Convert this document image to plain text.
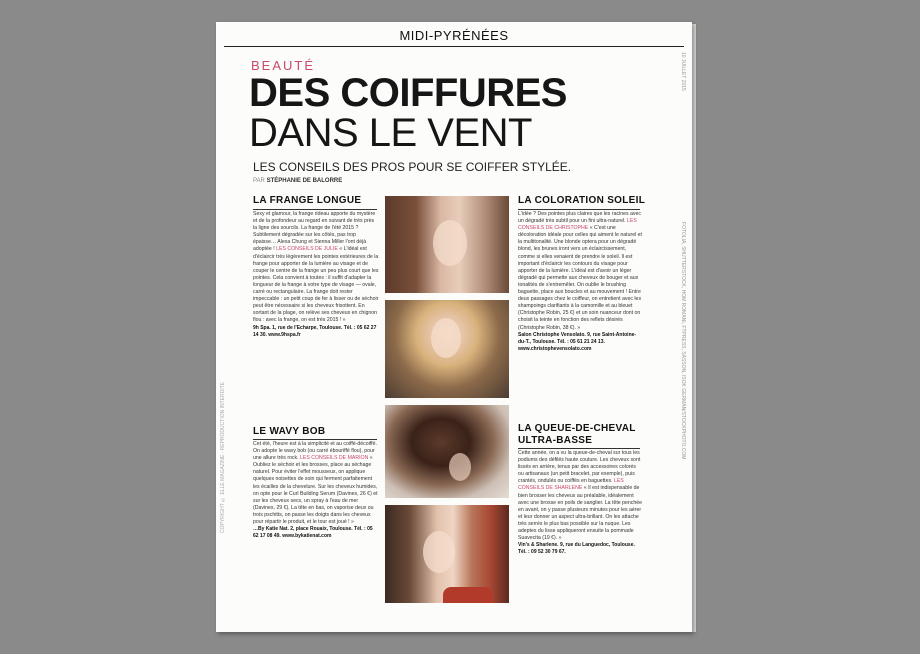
MIDI-PYRÉNÉES
10 JUILLET 2015
FOTOLIA, SHUTTERSTOCK, HOM ROMANI, FTPRESS, SASSON, ISOK GERMAN/STOCKPHOTO.COM
COPYRIGHT © ELLE MAGAZINE - REPRODUCTION INTERDITE
BEAUTÉ
DES COIFFURES
DANS LE VENT
LES CONSEILS DES PROS POUR SE COIFFER STYLÉE.
PAR STÉPHANIE DE BALORRE
LA FRANGE LONGUE
Sexy et glamour, la frange rideau apporte du mystère et de la profondeur au regard en suivant de très près la ligne des sourcils. La frange de l'été 2015 ? Subtilement dégradée sur les côtés, pas trop épaisse… Alexa Chung et Sienna Miller l'ont déjà adoptée ! LES CONSEILS DE JULIE « L'idéal est d'éclaircir très légèrement les pointes extérieures de la frange pour apporter de la lumière au visage et de couper le centre de la frange un peu plus court que les pointes. Cela convient à toutes : il suffit d'adapter la longueur de la frange à votre type de visage — ovale, carré ou rectangulaire. La frange doit rester impeccable : un petit coup de fer à lisser ou de séchoir peut être nécessaire si les cheveux frisottent. En sortant de la plage, on relève ses cheveux en chignon flou : avec la frange, on est très 2015 ! »
9h Spa. 1, rue de l'Echarpe, Toulouse. Tél. : 05 62 27 14 30. www.9hspa.fr
LE WAVY BOB
Cet été, l'heure est à la simplicité et au coiffé-décoiffé. On adopte le wavy bob (ou carré ébouriffé flou), pour une allure très rock. LES CONSEILS DE MARION « Oubliez le séchoir et les brosses, place au séchage naturel. Pour éviter l'effet mousseux, on applique quelques noisettes de soin qui ferment parfaitement les écailles de la chevelure. Sur les cheveux humides, on opte pour le Curl Building Serum (Davines, 26 €) et sur les cheveux secs, un spray à l'eau de mer (Davines, 29 €). La tête en bas, on vaporise deux ou trois pschitts, on passe les doigts dans les cheveux pour répartir le produit, et le tour est joué ! »
…By Katie Nat. 2, place Rouaix, Toulouse. Tél. : 05 62 17 08 49. www.bykatienat.com
LA COLORATION SOLEIL
L'idée ? Des pointes plus claires que les racines avec un dégradé très subtil pour un fini ultra-naturel. LES CONSEILS DE CHRISTOPHE « C'est une décoloration idéale pour celles qui aiment le naturel et la multitonalité. Une blonde optera pour un dégradé blond, les brunes iront vers un éclaircissement, comme si elles venaient de prendre le soleil. Il est important d'éclaircir les contours du visage pour apporter de la lumière. L'idéal est d'avoir un léger dégradé qui permette aux cheveux de bouger et aux tonalités de s'entremêler. On oublie le brushing baguette, place aux boucles et au mouvement ! Entre deux passages chez le coiffeur, on entretient avec les shampoings clarifiants à la camomille et au bleuet (Christophe Robin, 25 €) et un soin nuanceur dont on choisit la teinte en fonction des reflets désirés (Christophe Robin, 38 €). »
Salon Christophe Vensolato. 9, rue Saint-Antoine-du-T., Toulouse. Tél. : 05 61 21 24 13. www.christophevensolato.com
LA QUEUE-DE-CHEVAL
ULTRA-BASSE
Cette année, on a vu la queue-de-cheval sur tous les podiums des défilés haute couture. Les cheveux sont lissés en arrière, tenus par des accessoires colorés ou artisanaux (un petit bracelet, par exemple), puis crantés, ondulés ou coiffés en baguettes. LES CONSEILS DE SHARLENE « Il est indispensable de bien brosser les cheveux au préalable, idéalement avec une brosse en poils de sanglier. La tête penchée en avant, on y passe plusieurs minutes pour les aérer et leur donner un aspect ultra-brillant. On les attache très serrés le plus bas possible sur la nuque. Les adeptes du lisse appliqueront ensuite la pommade Suavecita (19 €). »
Vin's & Sharlene. 9, rue du Languedoc, Toulouse. Tél. : 09 52 30 79 67.
